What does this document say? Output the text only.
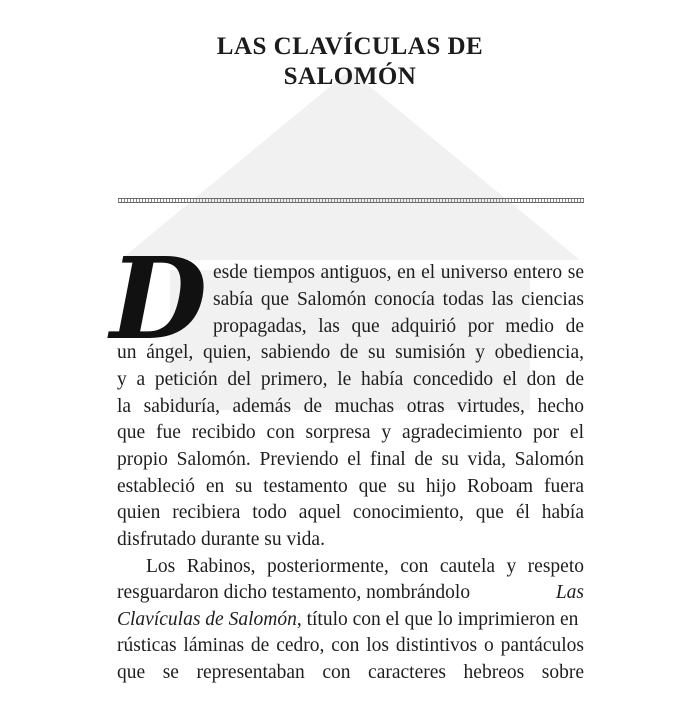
LAS CLAVÍCULAS DE
SALOMÓN
D esde tiempos antiguos, en el universo entero se
sabía que Salomón conocía todas las ciencias
propagadas, las que adquirió por medio de
un ángel, quien, sabiendo de su sumisión y obediencia,
y a petición del primero, le había concedido el don de
la sabiduría, además de muchas otras virtudes, hecho
que fue recibido con sorpresa y agradecimiento por el
propio Salomón. Previendo el final de su vida, Salomón
estableció en su testamento que su hijo Roboam fuera
quien recibiera todo aquel conocimiento, que él había
disfrutado durante su vida.
Los Rabinos, posteriormente, con cautela y respeto
resguardaron dicho testamento, nombrándolo	Las
Clavículas de Salomón, título con el que lo imprimieron en
rústicas láminas de cedro, con los distintivos o pantáculos
que se representaban con caracteres hebreos sobre
